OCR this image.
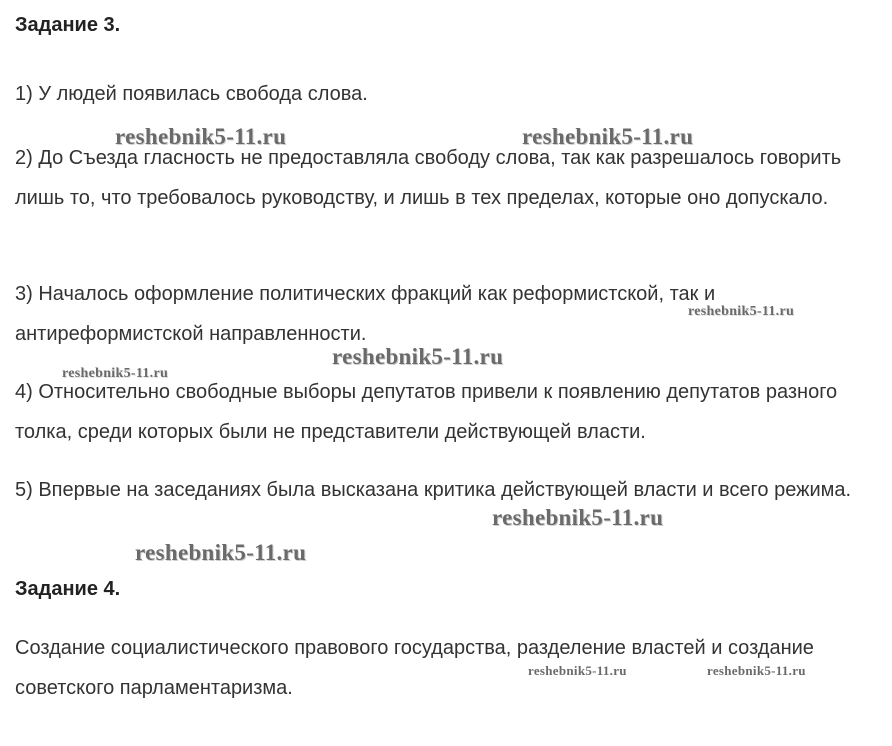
Задание 3.
1) У людей появилась свобода слова.
2) До Съезда гласность не предоставляла свободу слова, так как разрешалось говорить лишь то, что требовалось руководству, и лишь в тех пределах, которые оно допускало.
3) Началось оформление политических фракций как реформистской, так и антиреформистской направленности.
4) Относительно свободные выборы депутатов привели к появлению депутатов разного толка, среди которых были не представители действующей власти.
5) Впервые на заседаниях была высказана критика действующей власти и всего режима.
Задание 4.
Создание социалистического правового государства, разделение властей и создание советского парламентаризма.
reshebnik5-11.ru	reshebnik5-11.ru
reshebnik5-11.ru
reshebnik5-11.ru
reshebnik5-11.ru
reshebnik5-11.ru
reshebnik5-11.ru
reshebnik5-11.ru	reshebnik5-11.ru
